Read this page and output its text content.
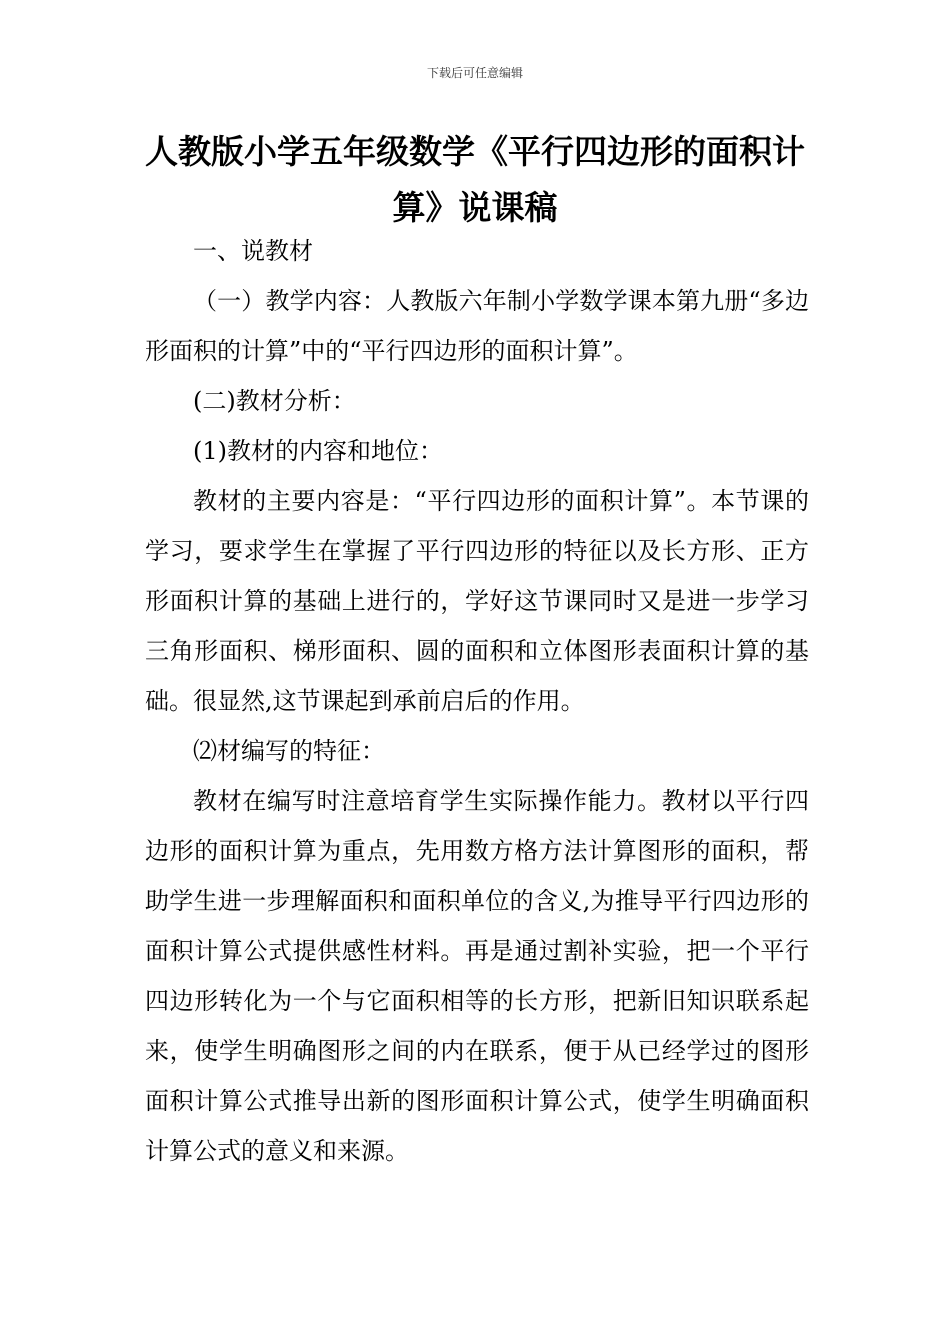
下载后可任意编辑
人教版小学五年级数学《平行四边形的面积计算》说课稿

一、说教材

（一）教学内容：人教版六年制小学数学课本第九册“多边形面积的计算”中的“平行四边形的面积计算”。

(二)教材分析：

(1)教材的内容和地位：

教材的主要内容是：“平行四边形的面积计算”。本节课的学习，要求学生在掌握了平行四边形的特征以及长方形、正方形面积计算的基础上进行的，学好这节课同时又是进一步学习三角形面积、梯形面积、圆的面积和立体图形表面积计算的基础。很显然,这节课起到承前启后的作用。

⑵材编写的特征：

教材在编写时注意培育学生实际操作能力。教材以平行四边形的面积计算为重点，先用数方格方法计算图形的面积，帮助学生进一步理解面积和面积单位的含义,为推导平行四边形的面积计算公式提供感性材料。再是通过割补实验，把一个平行四边形转化为一个与它面积相等的长方形，把新旧知识联系起来，使学生明确图形之间的内在联系，便于从已经学过的图形面积计算公式推导出新的图形面积计算公式，使学生明确面积计算公式的意义和来源。
